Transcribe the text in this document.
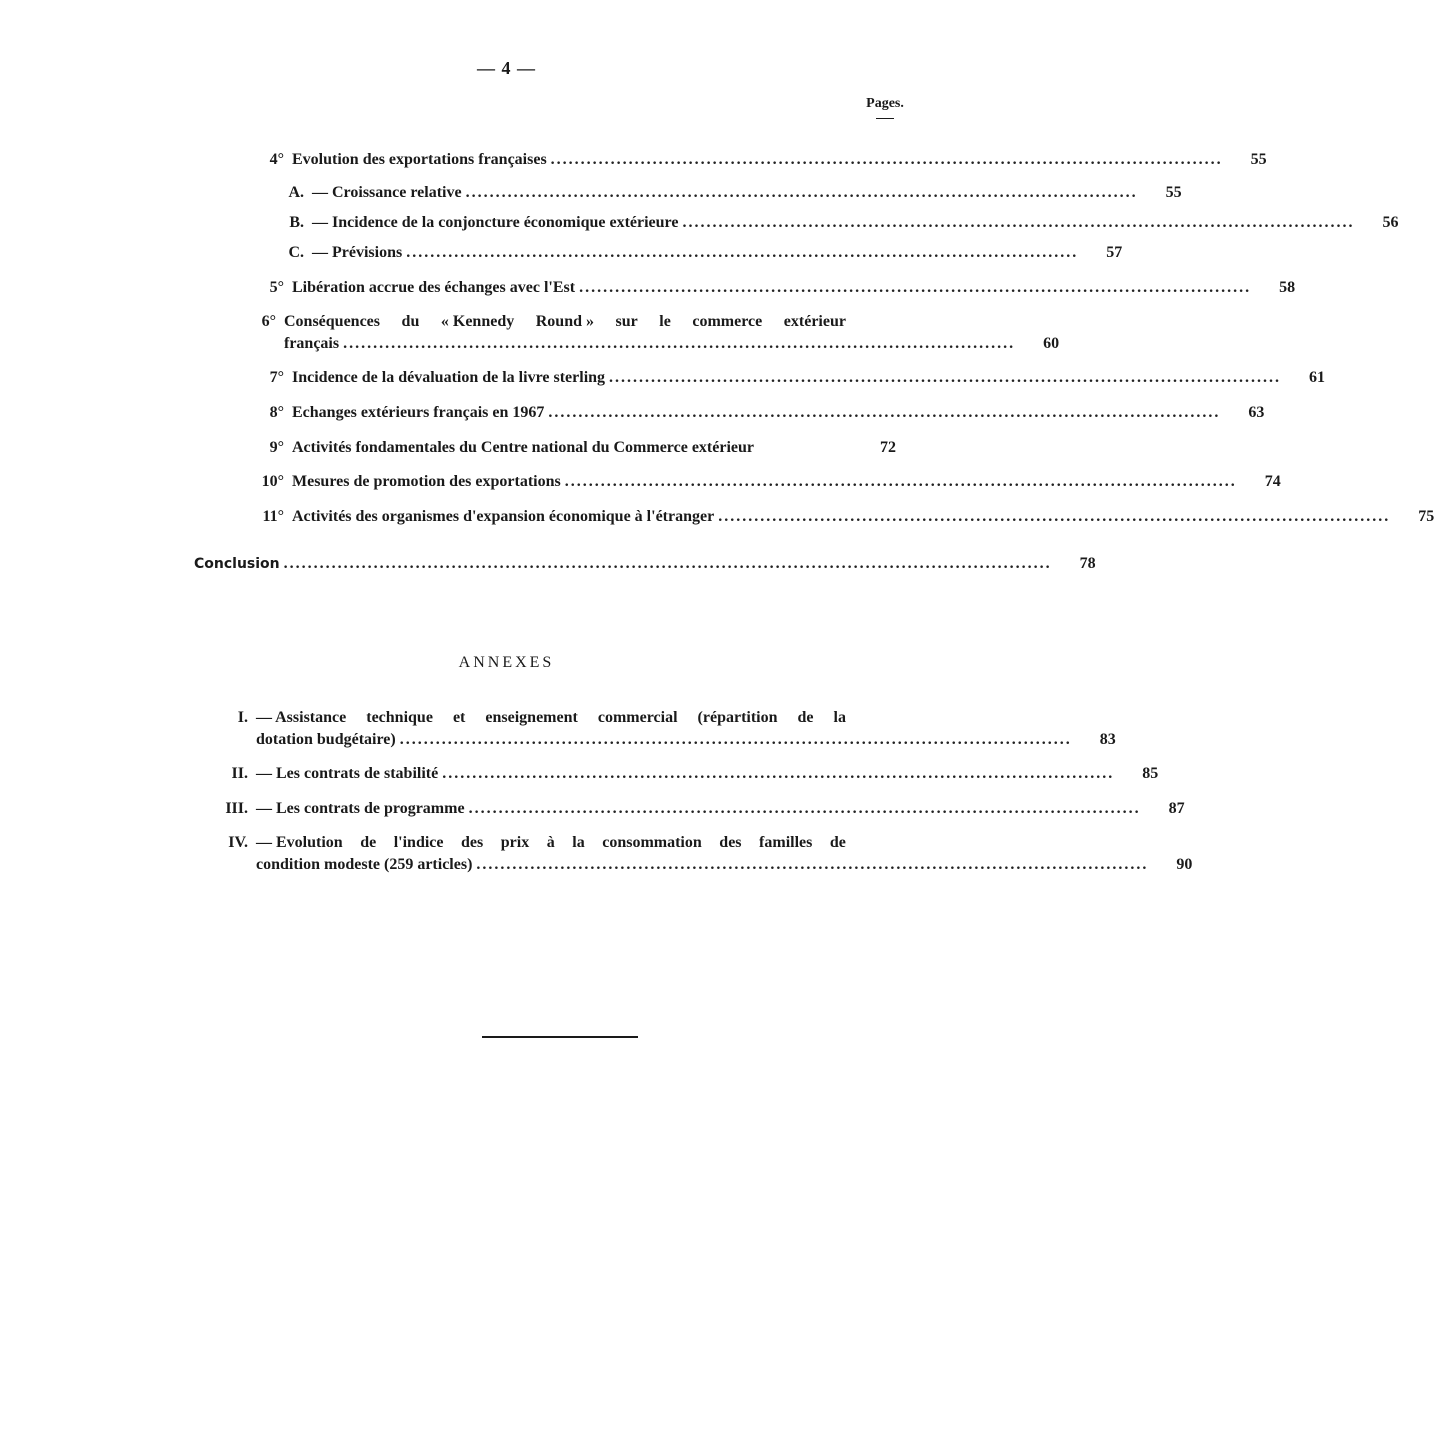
— 4 —
Pages.
4° Evolution des exportations françaises ................................................................................................................	55
A. — Croissance relative ................................................................................................................	55
B. — Incidence de la conjoncture économique extérieure ................................................................................................................	56
C. — Prévisions ................................................................................................................	57
5° Libération accrue des échanges avec l'Est ................................................................................................................	58
6° Conséquences du « Kennedy Round » sur le commerce extérieur
français ................................................................................................................	60
7° Incidence de la dévaluation de la livre sterling ................................................................................................................	61
8° Echanges extérieurs français en 1967 ................................................................................................................	63
9° Activités fondamentales du Centre national du Commerce extérieur	72
10° Mesures de promotion des exportations ................................................................................................................	74
11° Activités des organismes d'expansion économique à l'étranger ................................................................................................................	75
Conclusion ................................................................................................................................	78
ANNEXES
I. — Assistance technique et enseignement commercial (répartition de la
dotation budgétaire) ................................................................................................................	83
II. — Les contrats de stabilité ................................................................................................................	85
III. — Les contrats de programme ................................................................................................................	87
IV. — Evolution de l'indice des prix à la consommation des familles de
condition modeste (259 articles) ................................................................................................................	90
